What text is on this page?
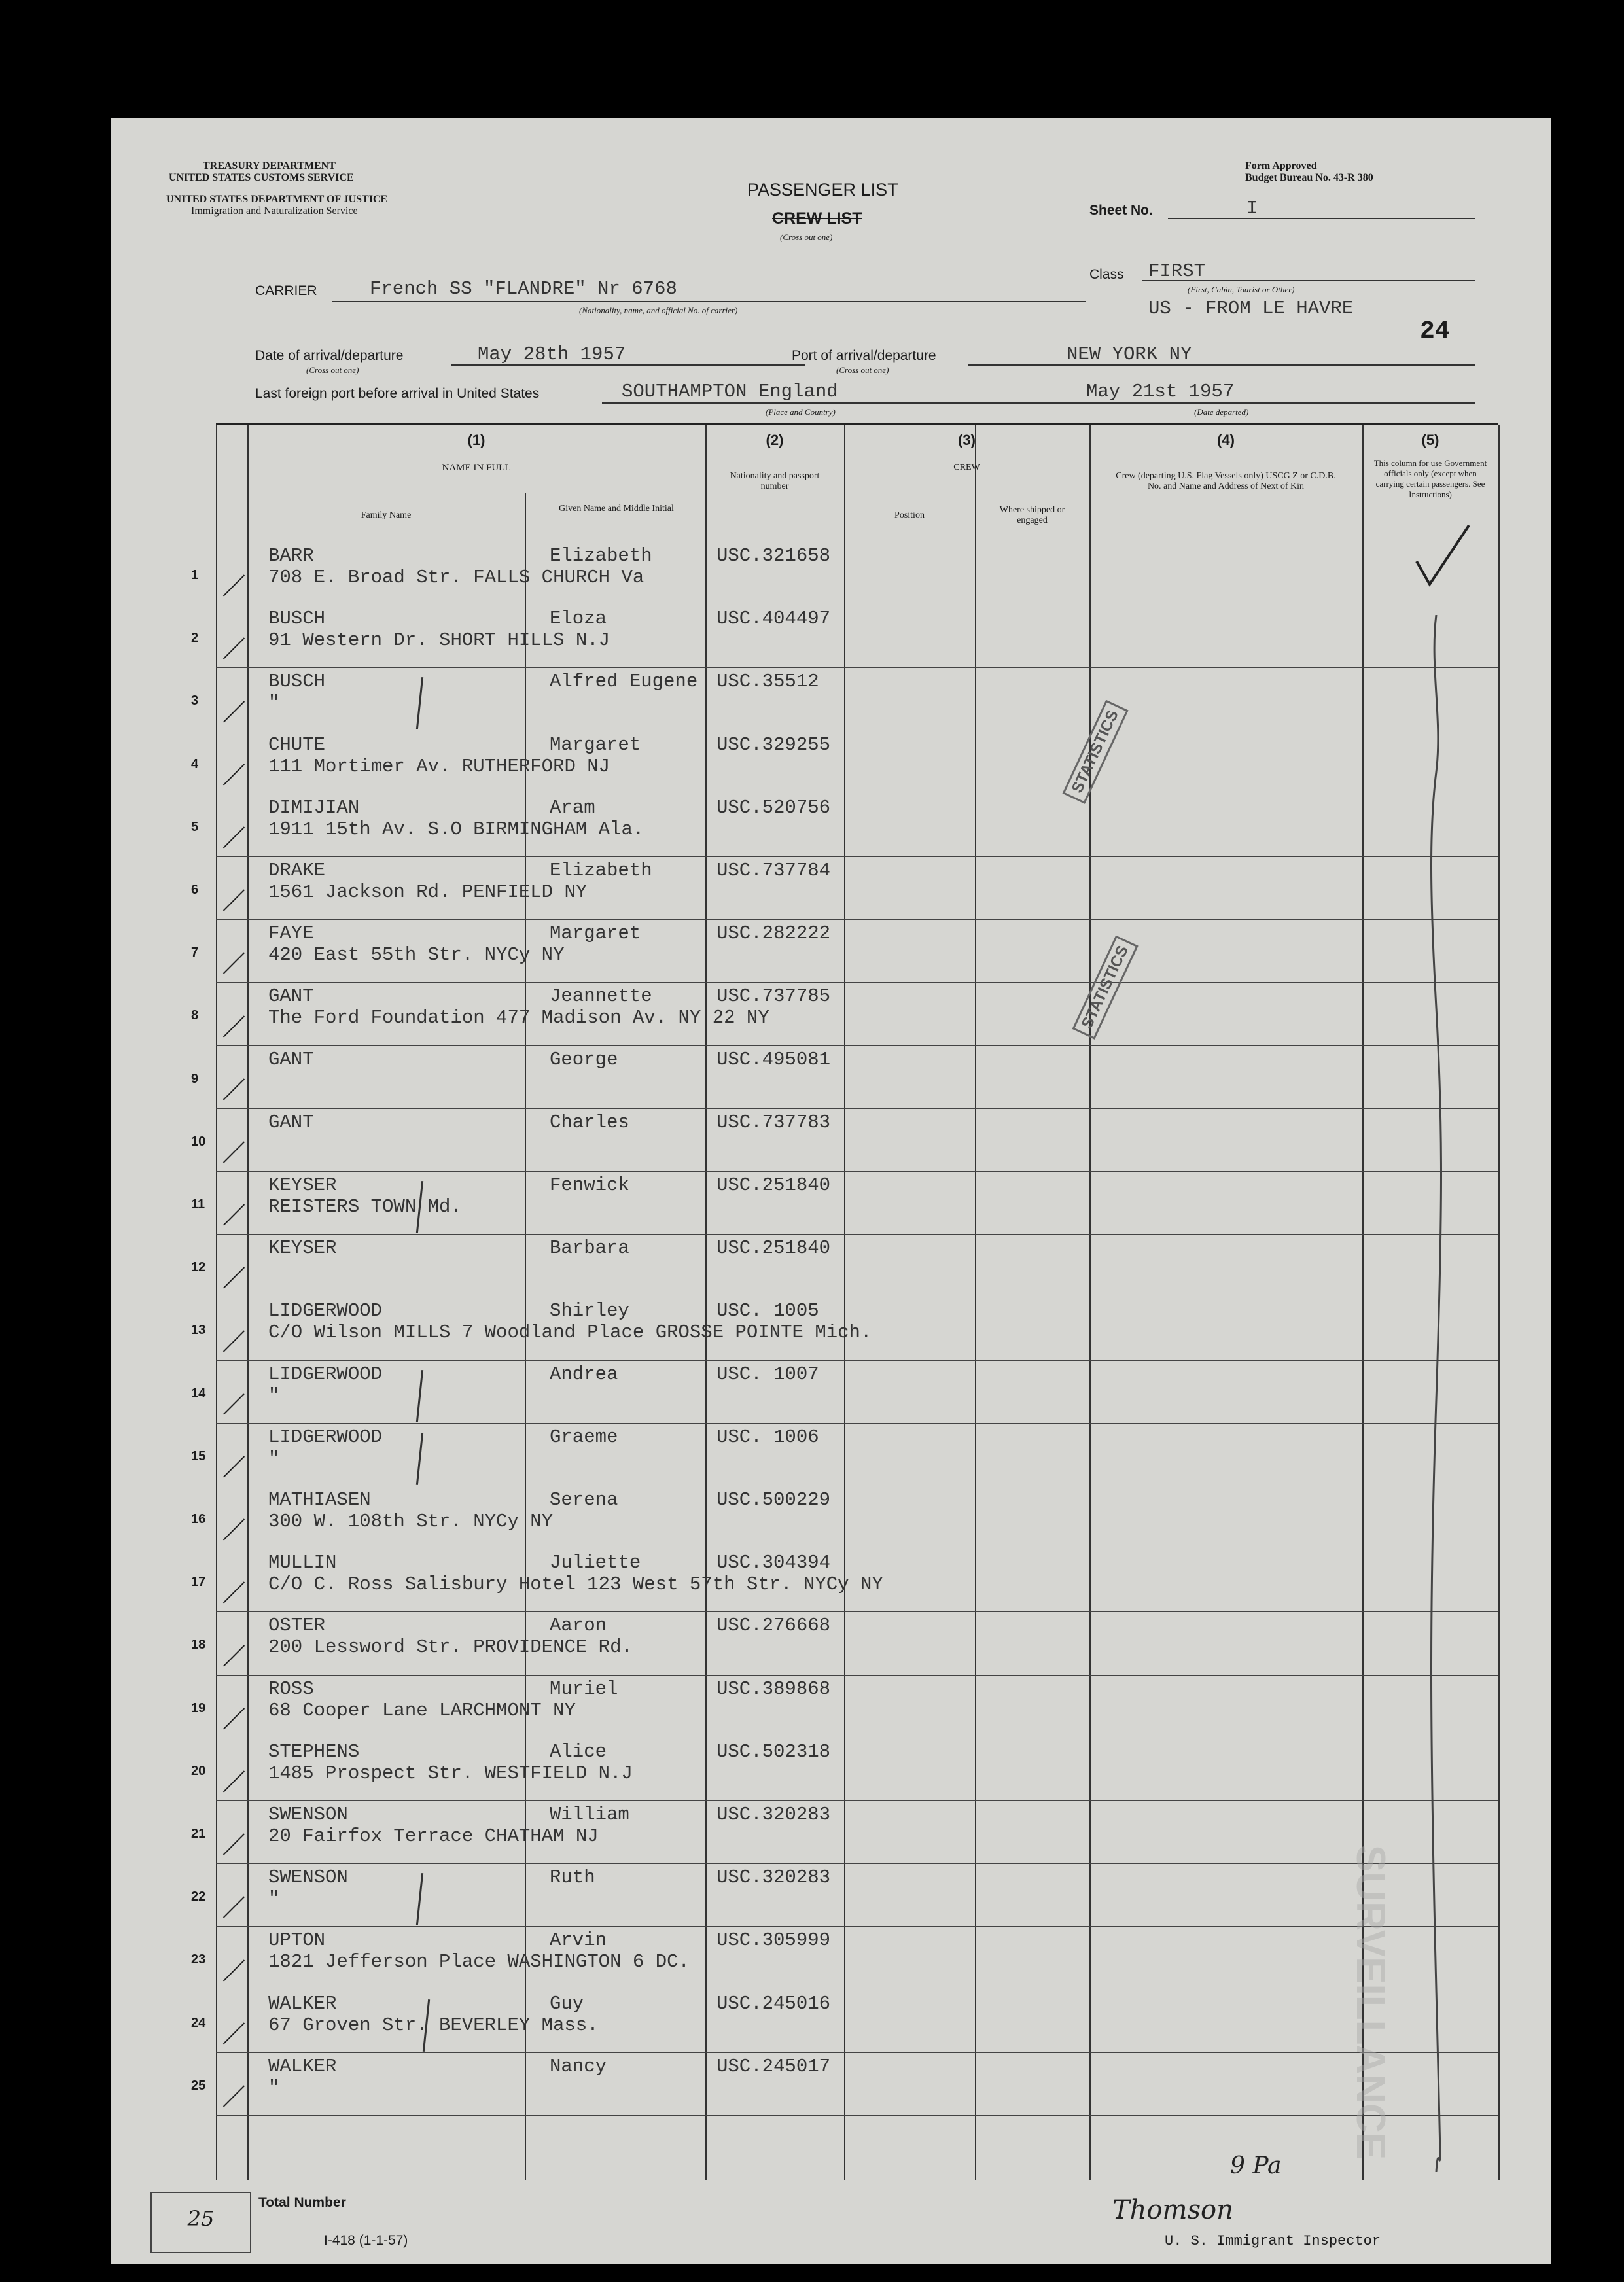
TREASURY DEPARTMENT
UNITED STATES CUSTOMS SERVICE
UNITED STATES DEPARTMENT OF JUSTICE
Immigration and Naturalization Service
PASSENGER LIST
CREW LIST
(Cross out one)
Form Approved
Budget Bureau No. 43-R 380
Sheet No.	I
CARRIER	French SS "FLANDRE" Nr 6768
(Nationality, name, and official No. of carrier)
Class FIRST
(First, Cabin, Tourist or Other)
US - FROM LE HAVRE
24
Date of arrival/departure
(Cross out one)
May 28th 1957	Port of arrival/departure
(Cross out one)
NEW YORK NY
Last foreign port before arrival in United States	SOUTHAMPTON England
(Place and Country)
May 21st 1957
(Date departed)
(1)
NAME IN FULL
Family Name
Given Name and Middle Initial
(2)
Nationality and passport number
(3)
CREW
Position
Where shipped or engaged
(4)
Crew (departing U.S. Flag Vessels only) USCG Z or C.D.B. No. and Name and Address of Next of Kin
(5)
This column for use Government officials only (except when carrying certain passengers. See Instructions)
1
BARR	Elizabeth	USC.321658
708 E. Broad Str. FALLS CHURCH Va
2
BUSCH	Eloza	USC.404497
91 Western Dr. SHORT HILLS N.J
3
BUSCH	Alfred Eugene USC.35512
"
4
CHUTE	Margaret	USC.329255
111 Mortimer Av. RUTHERFORD NJ
5
DIMIJIAN	Aram	USC.520756
1911 15th Av. S.O BIRMINGHAM Ala.
6
DRAKE	Elizabeth	USC.737784
1561 Jackson Rd. PENFIELD NY
7
FAYE	Margaret	USC.282222
420 East 55th Str. NYCy NY
8
GANT	Jeannette	USC.737785
The Ford Foundation 477 Madison Av. NY 22 NY
9
GANT	George	USC.495081
10
GANT	Charles	USC.737783
11
KEYSER	Fenwick	USC.251840
REISTERS TOWN Md.
12
KEYSER	Barbara	USC.251840
13
LIDGERWOOD	Shirley	USC. 1005
C/O Wilson MILLS 7 Woodland Place GROSSE POINTE Mich.
14
LIDGERWOOD	Andrea	USC. 1007
"
15
LIDGERWOOD	Graeme	USC. 1006
"
16
MATHIASEN	Serena	USC.500229
300 W. 108th Str. NYCy NY
17
MULLIN	Juliette	USC.304394
C/O C. Ross Salisbury Hotel 123 West 57th Str. NYCy NY
18
OSTER	Aaron	USC.276668
200 Lessword Str. PROVIDENCE Rd.
19
ROSS	Muriel	USC.389868
68 Cooper Lane LARCHMONT NY
20
STEPHENS	Alice	USC.502318
1485 Prospect Str. WESTFIELD N.J
21
SWENSON	William	USC.320283
20 Fairfox Terrace CHATHAM NJ
22
SWENSON	Ruth	USC.320283
"
23
UPTON	Arvin	USC.305999
1821 Jefferson Place WASHINGTON 6 DC.
24
WALKER	Guy	USC.245016
67 Groven Str. BEVERLEY Mass.
25
WALKER	Nancy	USC.245017
"
STATISTICS
STATISTICS
SURVEILLANCE
25
Total Number
I-418 (1-1-57)
Thomson
U. S. Immigrant Inspector
9 Pa
